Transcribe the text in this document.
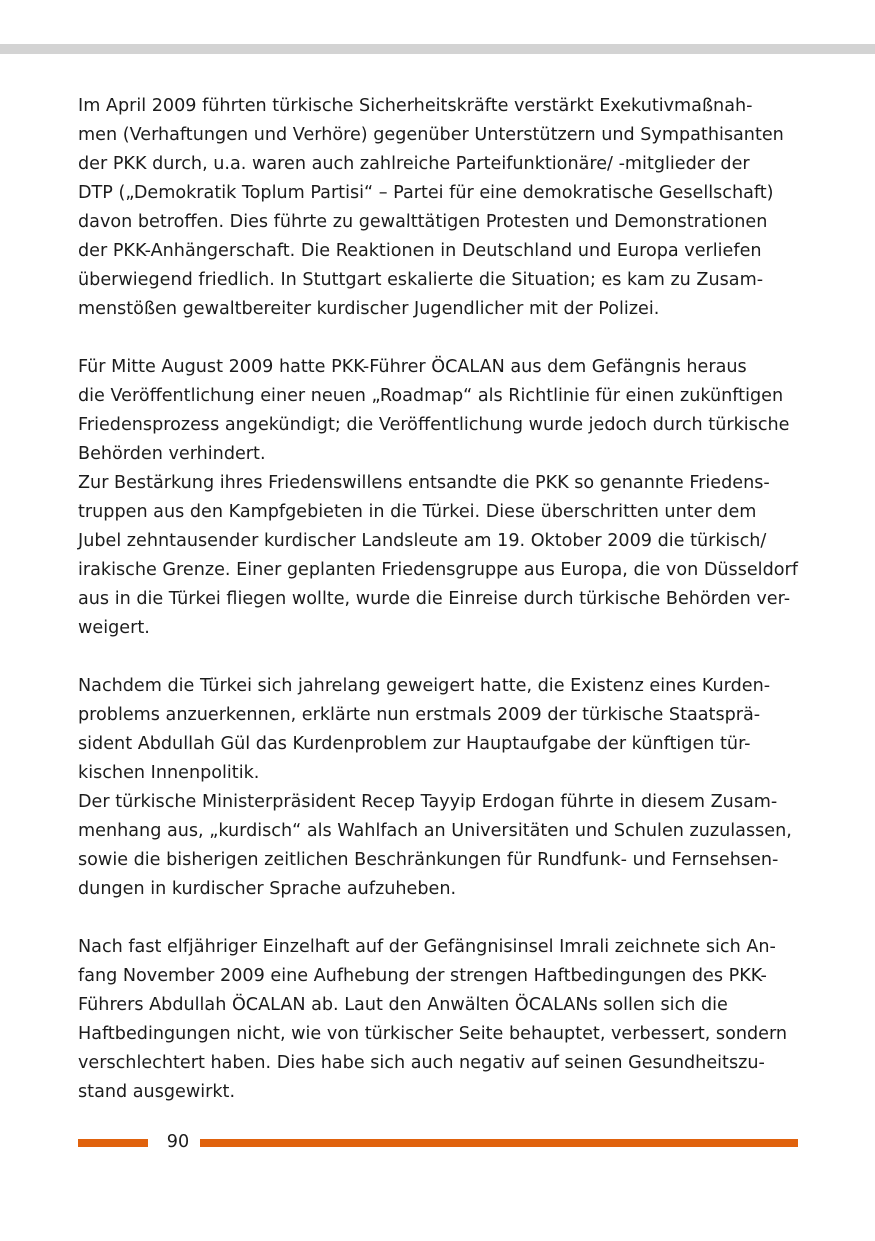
Im April 2009 führten türkische Sicherheitskräfte verstärkt Exekutivmaßnah-
men (Verhaftungen und Verhöre) gegenüber Unterstützern und Sympathisanten
der PKK durch, u.a. waren auch zahlreiche Parteifunktionäre/ -mitglieder der
DTP („Demokratik Toplum Partisi“ – Partei für eine demokratische Gesellschaft)
davon betroffen. Dies führte zu gewalttätigen Protesten und Demonstrationen
der PKK-Anhängerschaft. Die Reaktionen in Deutschland und Europa verliefen
überwiegend friedlich. In Stuttgart eskalierte die Situation; es kam zu Zusam-
menstößen gewaltbereiter kurdischer Jugendlicher mit der Polizei.

Für Mitte August 2009 hatte PKK-Führer ÖCALAN aus dem Gefängnis heraus
die Veröffentlichung einer neuen „Roadmap“ als Richtlinie für einen zukünftigen
Friedensprozess angekündigt; die Veröffentlichung wurde jedoch durch türkische
Behörden verhindert.
Zur Bestärkung ihres Friedenswillens entsandte die PKK so genannte Friedens-
truppen aus den Kampfgebieten in die Türkei. Diese überschritten unter dem
Jubel zehntausender kurdischer Landsleute am 19. Oktober 2009 die türkisch/
irakische Grenze. Einer geplanten Friedensgruppe aus Europa, die von Düsseldorf
aus in die Türkei fliegen wollte, wurde die Einreise durch türkische Behörden ver-
weigert.

Nachdem die Türkei sich jahrelang geweigert hatte, die Existenz eines Kurden-
problems anzuerkennen, erklärte nun erstmals 2009 der türkische Staatsprä-
sident Abdullah Gül das Kurdenproblem zur Hauptaufgabe der künftigen tür-
kischen Innenpolitik.
Der türkische Ministerpräsident Recep Tayyip Erdogan führte in diesem Zusam-
menhang aus, „kurdisch“ als Wahlfach an Universitäten und Schulen zuzulassen,
sowie die bisherigen zeitlichen Beschränkungen für Rundfunk- und Fernsehsen-
dungen in kurdischer Sprache aufzuheben.

Nach fast elfjähriger Einzelhaft auf der Gefängnisinsel Imrali zeichnete sich An-
fang November 2009 eine Aufhebung der strengen Haftbedingungen des PKK-
Führers Abdullah ÖCALAN ab. Laut den Anwälten ÖCALANs sollen sich die
Haftbedingungen nicht, wie von türkischer Seite behauptet, verbessert, sondern
verschlechtert haben. Dies habe sich auch negativ auf seinen Gesundheitszu-
stand ausgewirkt.

90
